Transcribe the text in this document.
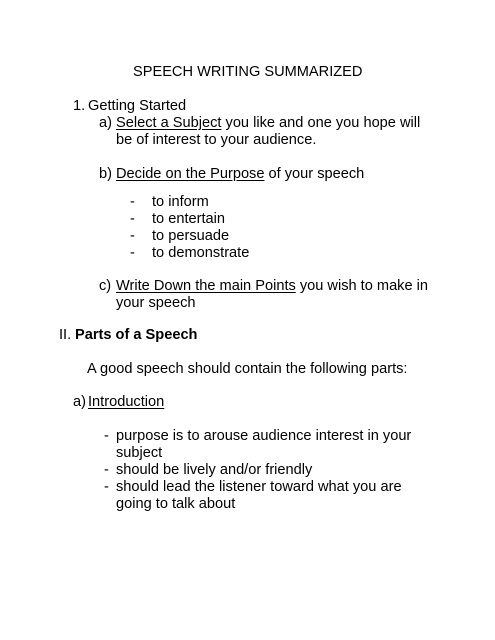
SPEECH WRITING SUMMARIZED
1. Getting Started
a) Select a Subject you like and one you hope will
be of interest to your audience.
b) Decide on the Purpose of your speech
- to inform
- to entertain
- to persuade
- to demonstrate
c) Write Down the main Points you wish to make in
your speech
II. Parts of a Speech
A good speech should contain the following parts:
a) Introduction
- purpose is to arouse audience interest in your
subject
- should be lively and/or friendly
- should lead the listener toward what you are
going to talk about
